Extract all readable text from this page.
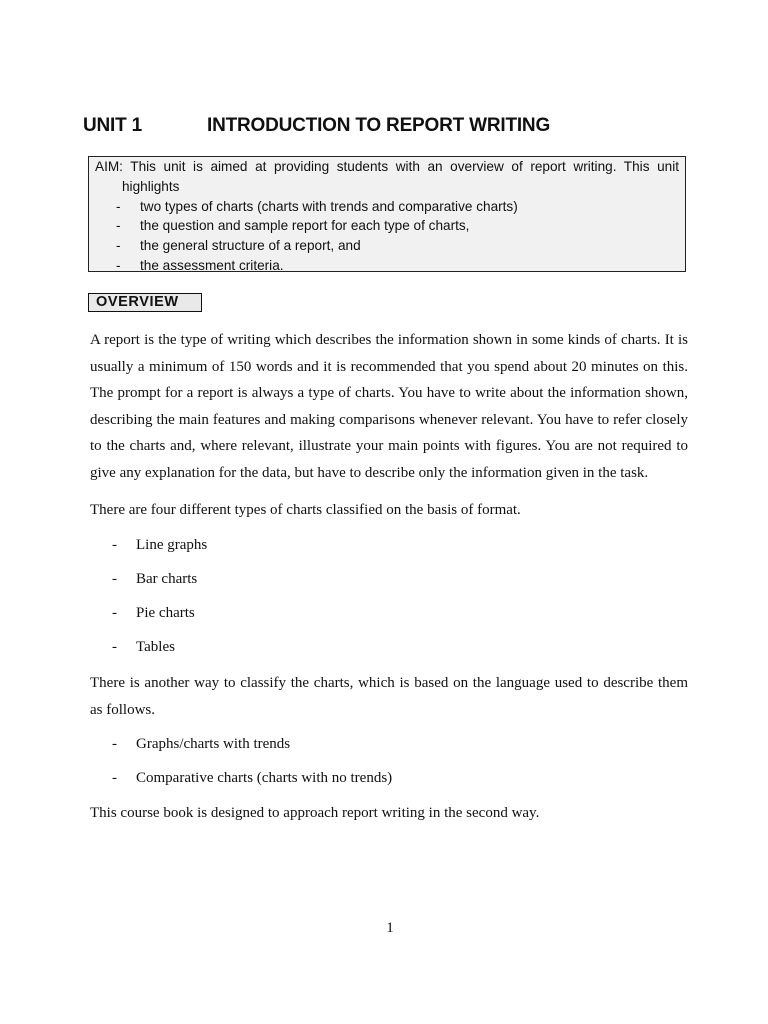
UNIT 1	INTRODUCTION TO REPORT WRITING
AIM: This unit is aimed at providing students with an overview of report writing. This unit
highlights
- two types of charts (charts with trends and comparative charts)
- the question and sample report for each type of charts,
- the general structure of a report, and
- the assessment criteria.
OVERVIEW
A report is the type of writing which describes the information shown in some kinds of charts. It is
usually a minimum of 150 words and it is recommended that you spend about 20 minutes on this.
The prompt for a report is always a type of charts. You have to write about the information shown,
describing the main features and making comparisons whenever relevant. You have to refer closely
to the charts and, where relevant, illustrate your main points with figures. You are not required to
give any explanation for the data, but have to describe only the information given in the task.

There are four different types of charts classified on the basis of format.

- Line graphs
- Bar charts
- Pie charts
- Tables
There is another way to classify the charts, which is based on the language used to describe them
as follows.
- Graphs/charts with trends
- Comparative charts (charts with no trends)

This course book is designed to approach report writing in the second way.

1
